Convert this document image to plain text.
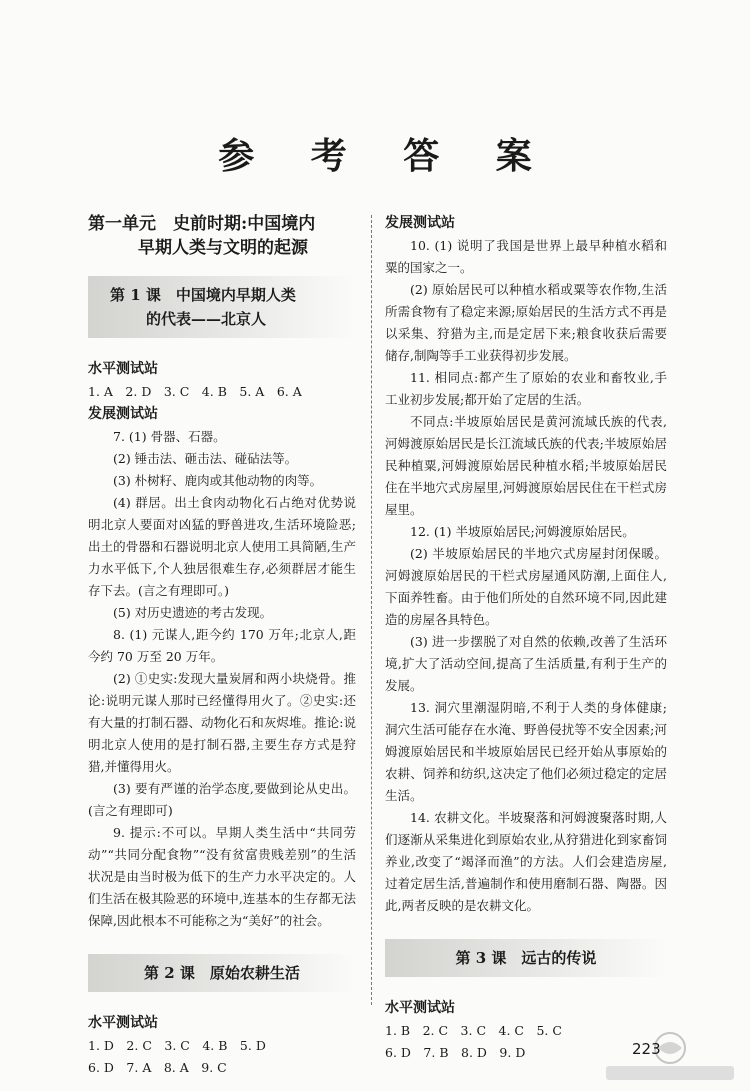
参 考 答 案
第一单元　史前时期:中国境内
早期人类与文明的起源
第 1 课　中国境内早期人类
的代表——北京人
水平测试站

1. A　2. D　3. C　4. B　5. A　6. A

发展测试站

7. (1) 骨器、石器。

(2) 锤击法、砸击法、碰砧法等。

(3) 朴树籽、鹿肉或其他动物的肉等。

(4) 群居。出土食肉动物化石占绝对优势说明北京人要面对凶猛的野兽进攻,生活环境险恶;出土的骨器和石器说明北京人使用工具简陋,生产力水平低下,个人独居很难生存,必须群居才能生存下去。(言之有理即可。)

(5) 对历史遗迹的考古发现。

8. (1) 元谋人,距今约 170 万年;北京人,距今约 70 万至 20 万年。

(2) ①史实:发现大量炭屑和两小块烧骨。推论:说明元谋人那时已经懂得用火了。②史实:还有大量的打制石器、动物化石和灰烬堆。推论:说明北京人使用的是打制石器,主要生存方式是狩猎,并懂得用火。

(3) 要有严谨的治学态度,要做到论从史出。(言之有理即可)

9. 提示:不可以。早期人类生活中“共同劳动”“共同分配食物”“没有贫富贵贱差别”的生活状况是由当时极为低下的生产力水平决定的。人们生活在极其险恶的环境中,连基本的生存都无法保障,因此根本不可能称之为“美好”的社会。

第 2 课　原始农耕生活
水平测试站

1. D　2. C　3. C　4. B　5. D

6. D　7. A　8. A　9. C

发展测试站

10. (1) 说明了我国是世界上最早种植水稻和粟的国家之一。

(2) 原始居民可以种植水稻或粟等农作物,生活所需食物有了稳定来源;原始居民的生活方式不再是以采集、狩猎为主,而是定居下来;粮食收获后需要储存,制陶等手工业获得初步发展。

11. 相同点:都产生了原始的农业和畜牧业,手工业初步发展;都开始了定居的生活。

不同点:半坡原始居民是黄河流域氏族的代表,河姆渡原始居民是长江流域氏族的代表;半坡原始居民种植粟,河姆渡原始居民种植水稻;半坡原始居民住在半地穴式房屋里,河姆渡原始居民住在干栏式房屋里。

12. (1) 半坡原始居民;河姆渡原始居民。

(2) 半坡原始居民的半地穴式房屋封闭保暖。河姆渡原始居民的干栏式房屋通风防潮,上面住人,下面养牲畜。由于他们所处的自然环境不同,因此建造的房屋各具特色。

(3) 进一步摆脱了对自然的依赖,改善了生活环境,扩大了活动空间,提高了生活质量,有利于生产的发展。

13. 洞穴里潮湿阴暗,不利于人类的身体健康;洞穴生活可能存在水淹、野兽侵扰等不安全因素;河姆渡原始居民和半坡原始居民已经开始从事原始的农耕、饲养和纺织,这决定了他们必须过稳定的定居生活。

14. 农耕文化。半坡聚落和河姆渡聚落时期,人们逐渐从采集进化到原始农业,从狩猎进化到家畜饲养业,改变了“竭泽而渔”的方法。人们会建造房屋,过着定居生活,普遍制作和使用磨制石器、陶器。因此,两者反映的是农耕文化。

第 3 课　远古的传说
水平测试站

1. B　2. C　3. C　4. C　5. C

6. D　7. B　8. D　9. D	223
